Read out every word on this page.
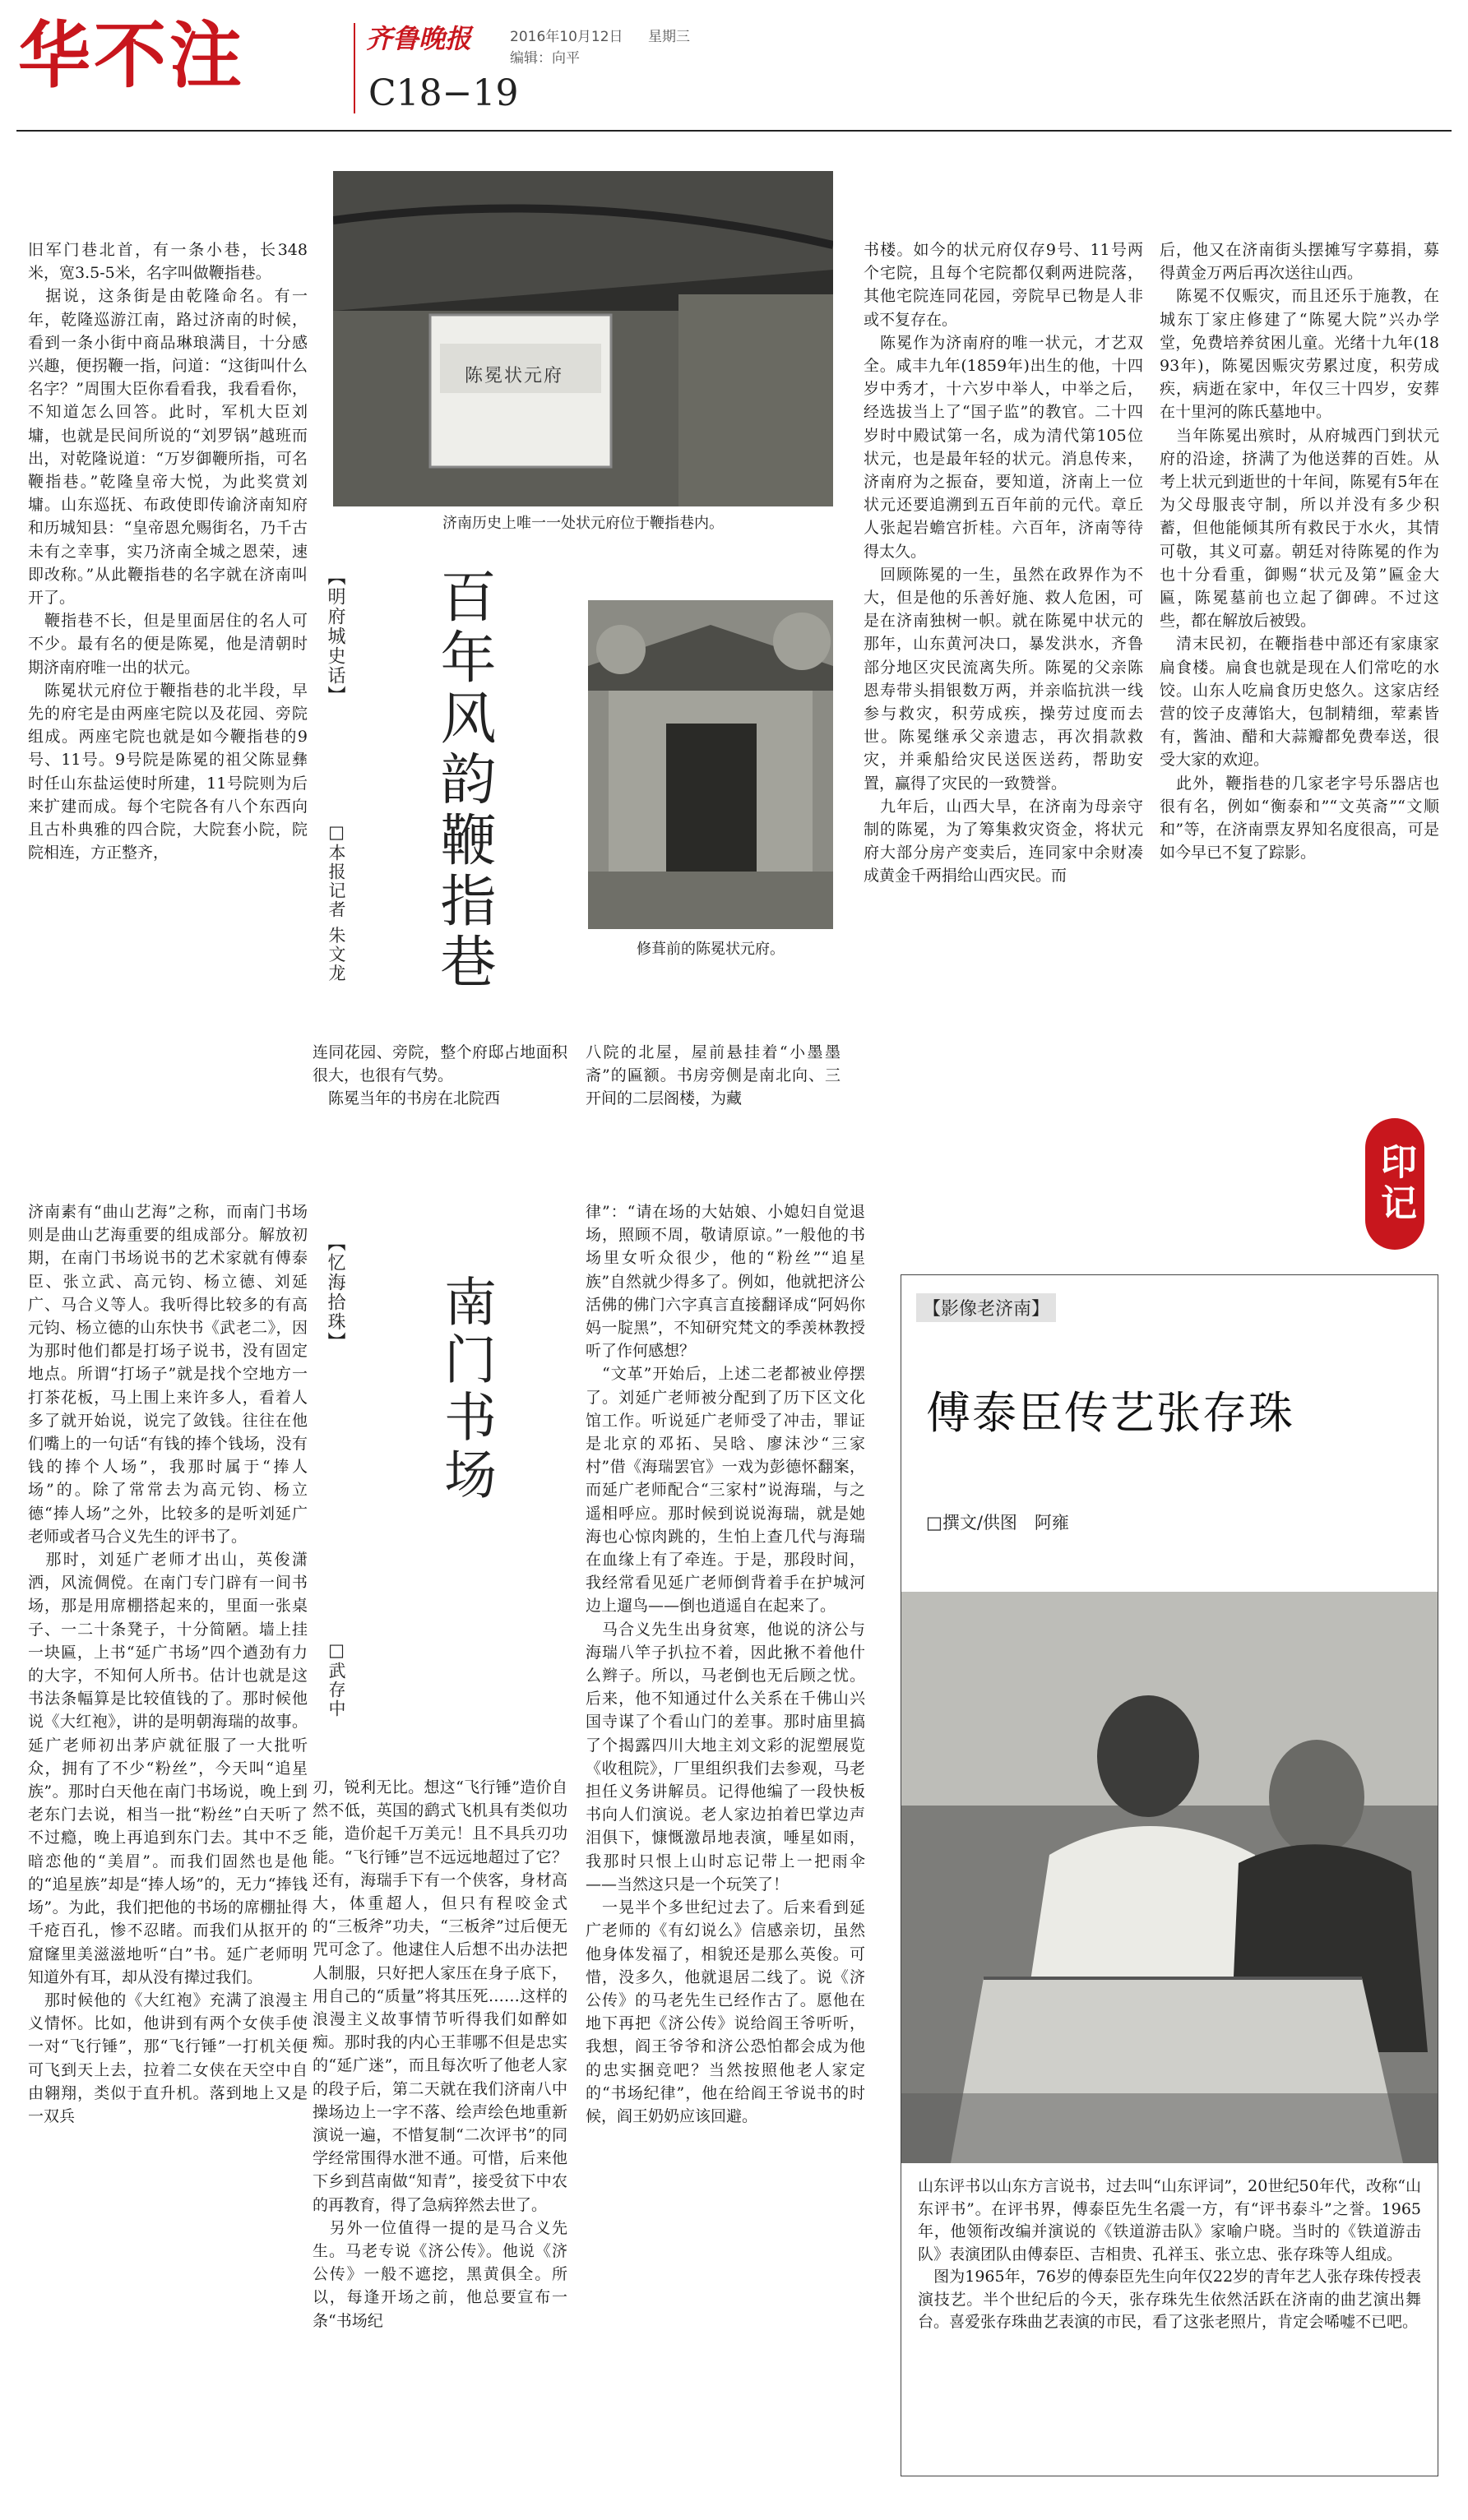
华不注	齐鲁晚报	2016年10月12日 星期三
编辑：向平
C18−19
旧军门巷北首，有一条小巷，长348米，宽3.5-5米，名字叫做鞭指巷。
　据说，这条街是由乾隆命名。有一年，乾隆巡游江南，路过济南的时候，看到一条小街中商品琳琅满目，十分感兴趣，便拐鞭一指，问道：“这街叫什么名字？”周围大臣你看看我，我看看你，不知道怎么回答。此时，军机大臣刘墉，也就是民间所说的“刘罗锅”越班而出，对乾隆说道：“万岁御鞭所指，可名鞭指巷。”乾隆皇帝大悦，为此奖赏刘墉。山东巡抚、布政使即传谕济南知府和历城知县：“皇帝恩允赐街名，乃千古未有之幸事，实乃济南全城之恩荣，速即改称。”从此鞭指巷的名字就在济南叫开了。
　鞭指巷不长，但是里面居住的名人可不少。最有名的便是陈冕，他是清朝时期济南府唯一出的状元。
　陈冕状元府位于鞭指巷的北半段，早先的府宅是由两座宅院以及花园、旁院组成。两座宅院也就是如今鞭指巷的9号、11号。9号院是陈冕的祖父陈显彝时任山东盐运使时所建，11号院则为后来扩建而成。每个宅院各有八个东西向且古朴典雅的四合院，大院套小院，院院相连，方正整齐，
陈冕状元府
济南历史上唯一一处状元府位于鞭指巷内。
【明府城史话】 百年风韵鞭指巷
□本报记者 朱文龙	修葺前的陈冕状元府。
连同花园、旁院，整个府邸占地面积很大，也很有气势。
　陈冕当年的书房在北院西
八院的北屋，屋前悬挂着“小墨墨斋”的匾额。书房旁侧是南北向、三开间的二层阁楼，为藏
书楼。如今的状元府仅存9号、11号两个宅院，且每个宅院都仅剩两进院落，其他宅院连同花园，旁院早已物是人非或不复存在。
　陈冕作为济南府的唯一状元，才艺双全。咸丰九年(1859年)出生的他，十四岁中秀才，十六岁中举人，中举之后，经选拔当上了“国子监”的教官。二十四岁时中殿试第一名，成为清代第105位状元，也是最年轻的状元。消息传来，济南府为之振奋，要知道，济南上一位状元还要追溯到五百年前的元代。章丘人张起岩蟾宫折桂。六百年，济南等待得太久。
　回顾陈冕的一生，虽然在政界作为不大，但是他的乐善好施、救人危困，可是在济南独树一帜。就在陈冕中状元的那年，山东黄河决口，暴发洪水，齐鲁部分地区灾民流离失所。陈冕的父亲陈恩寿带头捐银数万两，并亲临抗洪一线参与救灾，积劳成疾，操劳过度而去世。陈冕继承父亲遗志，再次捐款救灾，并乘船给灾民送医送药，帮助安置，赢得了灾民的一致赞誉。
　九年后，山西大旱，在济南为母亲守制的陈冕，为了筹集救灾资金，将状元府大部分房产变卖后，连同家中余财凑成黄金千两捐给山西灾民。而
后，他又在济南街头摆摊写字募捐，募得黄金万两后再次送往山西。
　陈冕不仅赈灾，而且还乐于施教，在城东丁家庄修建了“陈冕大院”兴办学堂，免费培养贫困儿童。光绪十九年(1893年)，陈冕因赈灾劳累过度，积劳成疾，病逝在家中，年仅三十四岁，安葬在十里河的陈氏墓地中。
　当年陈冕出殡时，从府城西门到状元府的沿途，挤满了为他送葬的百姓。从考上状元到逝世的十年间，陈冕有5年在为父母服丧守制，所以并没有多少积蓄，但他能倾其所有救民于水火，其情可敬，其义可嘉。朝廷对待陈冕的作为也十分看重，御赐“状元及第”匾金大匾，陈冕墓前也立起了御碑。不过这些，都在解放后被毁。
　清末民初，在鞭指巷中部还有家康家扁食楼。扁食也就是现在人们常吃的水饺。山东人吃扁食历史悠久。这家店经营的饺子皮薄馅大，包制精细，荤素皆有，酱油、醋和大蒜瓣都免费奉送，很受大家的欢迎。
　此外，鞭指巷的几家老字号乐器店也很有名，例如“衡泰和”“文英斋”“文顺和”等，在济南票友界知名度很高，可是如今早已不复了踪影。
济南素有“曲山艺海”之称，而南门书场则是曲山艺海重要的组成部分。解放初期，在南门书场说书的艺术家就有傅泰臣、张立武、高元钧、杨立德、刘延广、马合义等人。我听得比较多的有高元钧、杨立德的山东快书《武老二》，因为那时他们都是打场子说书，没有固定地点。所谓“打场子”就是找个空地方一打茶花板，马上围上来许多人，看着人多了就开始说，说完了敛钱。往往在他们嘴上的一句话“有钱的捧个钱场，没有钱的捧个人场”，我那时属于“捧人场”的。除了常常去为高元钧、杨立德“捧人场”之外，比较多的是听刘延广老师或者马合义先生的评书了。
　那时，刘延广老师才出山，英俊潇洒，风流倜傥。在南门专门辟有一间书场，那是用席棚搭起来的，里面一张桌子、一二十条凳子，十分简陋。墙上挂一块匾，上书“延广书场”四个遒劲有力的大字，不知何人所书。估计也就是这书法条幅算是比较值钱的了。那时候他说《大红袍》，讲的是明朝海瑞的故事。延广老师初出茅庐就征服了一大批听众，拥有了不少“粉丝”，今天叫“追星族”。那时白天他在南门书场说，晚上到老东门去说，相当一批“粉丝”白天听了不过瘾，晚上再追到东门去。其中不乏暗恋他的“美眉”。而我们固然也是他的“追星族”却是“捧人场”的，无力“捧钱场”。为此，我们把他的书场的席棚扯得千疮百孔，惨不忍睹。而我们从抠开的窟窿里美滋滋地听“白”书。延广老师明知道外有耳，却从没有撵过我们。
　那时候他的《大红袍》充满了浪漫主义情怀。比如，他讲到有两个女侠手使一对“飞行锤”，那“飞行锤”一打机关便可飞到天上去，拉着二女侠在天空中自由翱翔，类似于直升机。落到地上又是一双兵
【忆海拾珠】 南门书场
□武存中
刃，锐利无比。想这“飞行锤”造价自然不低，英国的鹞式飞机具有类似功能，造价起千万美元！且不具兵刃功能。“飞行锤”岂不远远地超过了它？还有，海瑞手下有一个侠客，身材高大，体重超人，但只有程咬金式的“三板斧”功夫，“三板斧”过后便无咒可念了。他逮住人后想不出办法把人制服，只好把人家压在身子底下，用自己的“质量”将其压死……这样的浪漫主义故事情节听得我们如醉如痴。那时我的内心王菲哪不但是忠实的“延广迷”，而且每次听了他老人家的段子后，第二天就在我们济南八中操场边上一字不落、绘声绘色地重新演说一遍，不惜复制“二次评书”的同学经常围得水泄不通。可惜，后来他下乡到莒南做“知青”，接受贫下中农的再教育，得了急病猝然去世了。
　另外一位值得一提的是马合义先生。马老专说《济公传》。他说《济公传》一般不遮挖，黑黄俱全。所以，每逢开场之前，他总要宣布一条“书场纪
律”：“请在场的大姑娘、小媳妇自觉退场，照顾不周，敬请原谅。”一般他的书场里女听众很少，他的“粉丝”“追星族”自然就少得多了。例如，他就把济公活佛的佛门六字真言直接翻译成“阿妈你妈一腚黑”，不知研究梵文的季羡林教授听了作何感想？
　“文革”开始后，上述二老都被业停摆了。刘延广老师被分配到了历下区文化馆工作。听说延广老师受了冲击，罪证是北京的邓拓、吴晗、廖沫沙“三家村”借《海瑞罢官》一戏为彭德怀翻案，而延广老师配合“三家村”说海瑞，与之遥相呼应。那时候到说说海瑞，就是她海也心惊肉跳的，生怕上查几代与海瑞在血缘上有了牵连。于是，那段时间，我经常看见延广老师倒背着手在护城河边上遛鸟——倒也逍遥自在起来了。
　马合义先生出身贫寒，他说的济公与海瑞八竿子扒拉不着，因此揪不着他什么辫子。所以，马老倒也无后顾之忧。后来，他不知通过什么关系在千佛山兴国寺谋了个看山门的差事。那时庙里搞了个揭露四川大地主刘文彩的泥塑展览《收租院》，厂里组织我们去参观，马老担任义务讲解员。记得他编了一段快板书向人们演说。老人家边拍着巴掌边声泪俱下，慷慨激昂地表演，唾星如雨，我那时只恨上山时忘记带上一把雨伞——当然这只是一个玩笑了！
　一晃半个多世纪过去了。后来看到延广老师的《有幻说么》信感亲切，虽然他身体发福了，相貌还是那么英俊。可惜，没多久，他就退居二线了。说《济公传》的马老先生已经作古了。愿他在地下再把《济公传》说给阎王爷听听，我想，阎王爷爷和济公恐怕都会成为他的忠实捆竞吧？当然按照他老人家定的“书场纪律”，他在给阎王爷说书的时候，阎王奶奶应该回避。
印记
【影像老济南】
傅泰臣传艺张存珠
□撰文/供图　阿雍
山东评书以山东方言说书，过去叫“山东评词”，20世纪50年代，改称“山东评书”。在评书界，傅泰臣先生名震一方，有“评书泰斗”之誉。1965年，他领衔改编并演说的《铁道游击队》家喻户晓。当时的《铁道游击队》表演团队由傅泰臣、吉相贵、孔祥玉、张立忠、张存珠等人组成。
　图为1965年，76岁的傅泰臣先生向年仅22岁的青年艺人张存珠传授表演技艺。半个世纪后的今天，张存珠先生依然活跃在济南的曲艺演出舞台。喜爱张存珠曲艺表演的市民，看了这张老照片，肯定会唏嘘不已吧。
